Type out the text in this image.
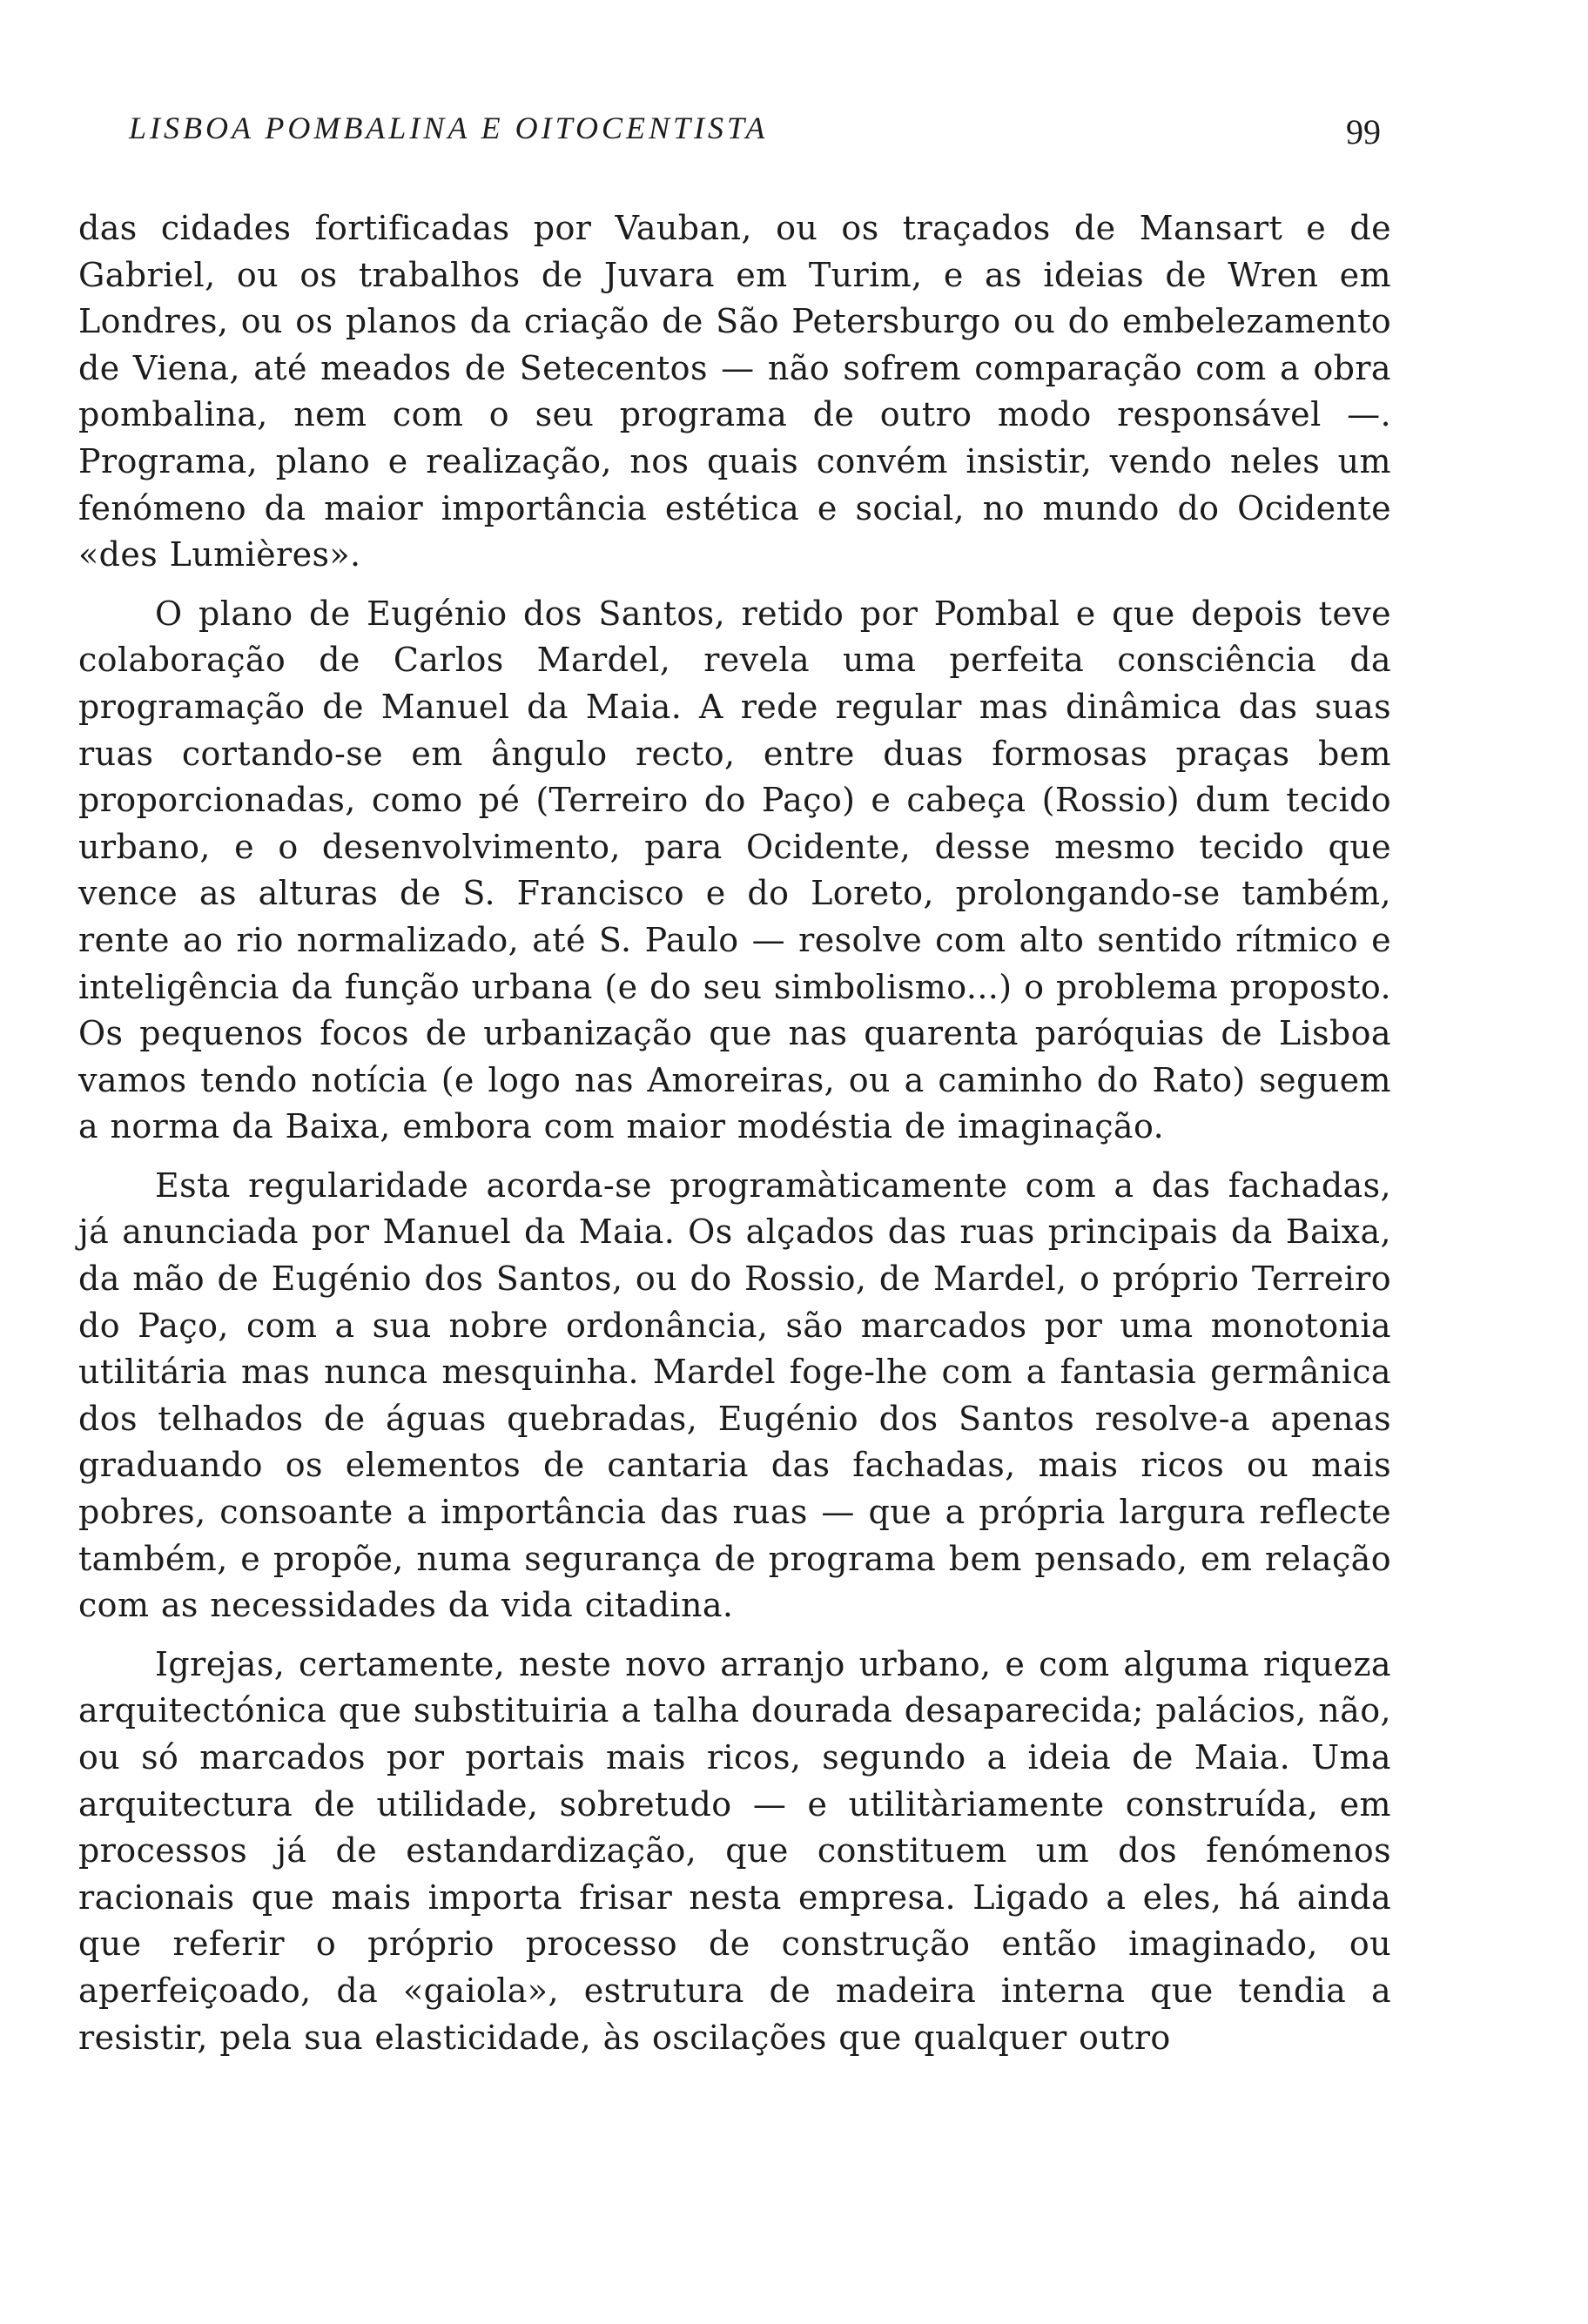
LISBOA POMBALINA E OITOCENTISTA	99

das cidades fortificadas por Vauban, ou os traçados de Mansart e de Gabriel, ou os trabalhos de Juvara em Turim, e as ideias de Wren em Londres, ou os planos da criação de São Petersburgo ou do embelezamento de Viena, até meados de Setecentos — não sofrem comparação com a obra pombalina, nem com o seu programa de outro modo responsável —. Programa, plano e realização, nos quais convém insistir, vendo neles um fenómeno da maior importância estética e social, no mundo do Ocidente «des Lumières».

O plano de Eugénio dos Santos, retido por Pombal e que depois teve colaboração de Carlos Mardel, revela uma perfeita consciência da programação de Manuel da Maia. A rede regular mas dinâmica das suas ruas cortando-se em ângulo recto, entre duas formosas praças bem proporcionadas, como pé (Terreiro do Paço) e cabeça (Rossio) dum tecido urbano, e o desenvolvimento, para Ocidente, desse mesmo tecido que vence as alturas de S. Francisco e do Loreto, prolongando-se também, rente ao rio normalizado, até S. Paulo — resolve com alto sentido rítmico e inteligência da função urbana (e do seu simbolismo...) o problema proposto. Os pequenos focos de urbanização que nas quarenta paróquias de Lisboa vamos tendo notícia (e logo nas Amoreiras, ou a caminho do Rato) seguem a norma da Baixa, embora com maior modéstia de imaginação.

Esta regularidade acorda-se programàticamente com a das fachadas, já anunciada por Manuel da Maia. Os alçados das ruas principais da Baixa, da mão de Eugénio dos Santos, ou do Rossio, de Mardel, o próprio Terreiro do Paço, com a sua nobre ordonância, são marcados por uma monotonia utilitária mas nunca mesquinha. Mardel foge-lhe com a fantasia germânica dos telhados de águas quebradas, Eugénio dos Santos resolve-a apenas graduando os elementos de cantaria das fachadas, mais ricos ou mais pobres, consoante a importância das ruas — que a própria largura reflecte também, e propõe, numa segurança de programa bem pensado, em relação com as necessidades da vida citadina.

Igrejas, certamente, neste novo arranjo urbano, e com alguma riqueza arquitectónica que substituiria a talha dourada desaparecida; palácios, não, ou só marcados por portais mais ricos, segundo a ideia de Maia. Uma arquitectura de utilidade, sobretudo — e utilitàriamente construída, em processos já de estandardização, que constituem um dos fenómenos racionais que mais importa frisar nesta empresa. Ligado a eles, há ainda que referir o próprio processo de construção então imaginado, ou aperfeiçoado, da «gaiola», estrutura de madeira interna que tendia a resistir, pela sua elasticidade, às oscilações que qualquer outro
